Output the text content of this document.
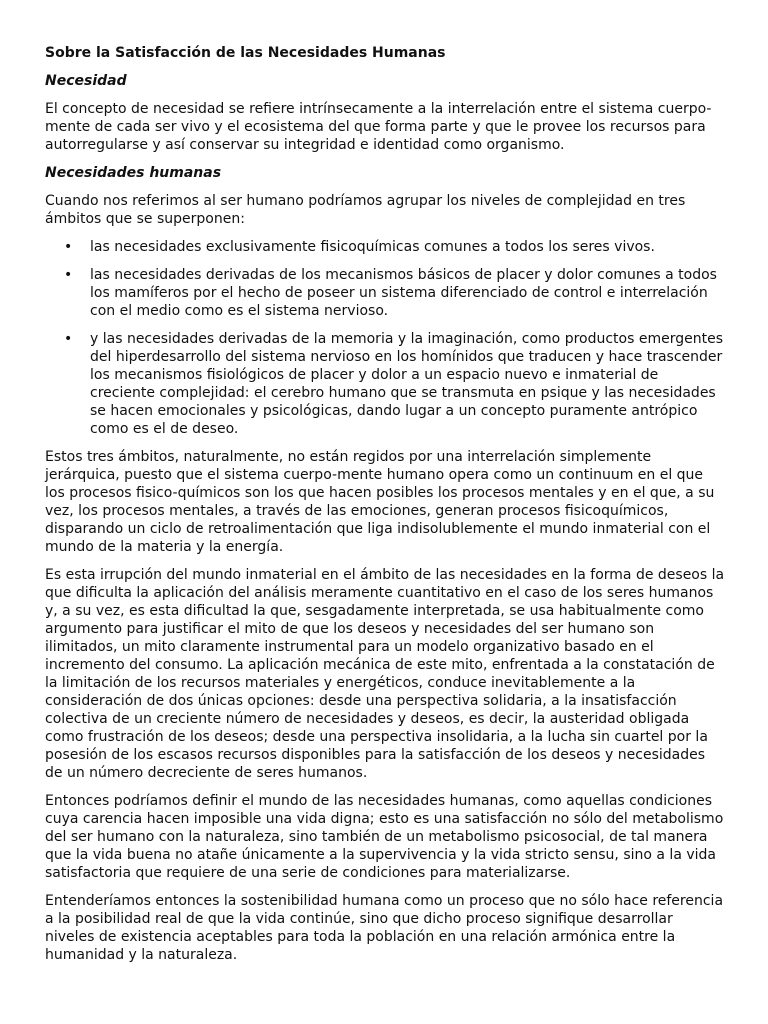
Sobre la Satisfacción de las Necesidades Humanas
Necesidad

El concepto de necesidad se refiere intrínsecamente a la interrelación entre el sistema cuerpo-mente de cada ser vivo y el ecosistema del que forma parte y que le provee los recursos para autorregularse y así conservar su integridad e identidad como organismo.

Necesidades humanas

Cuando nos referimos al ser humano podríamos agrupar los niveles de complejidad en tres ámbitos que se superponen:

• las necesidades exclusivamente fisicoquímicas comunes a todos los seres vivos.
• las necesidades derivadas de los mecanismos básicos de placer y dolor comunes a todos los mamíferos por el hecho de poseer un sistema diferenciado de control e interrelación con el medio como es el sistema nervioso.
• y las necesidades derivadas de la memoria y la imaginación, como productos emergentes del hiperdesarrollo del sistema nervioso en los homínidos que traducen y hace trascender los mecanismos fisiológicos de placer y dolor a un espacio nuevo e inmaterial de creciente complejidad: el cerebro humano que se transmuta en psique y las necesidades se hacen emocionales y psicológicas, dando lugar a un concepto puramente antrópico como es el de deseo.

Estos tres ámbitos, naturalmente, no están regidos por una interrelación simplemente jerárquica, puesto que el sistema cuerpo-mente humano opera como un continuum en el que los procesos fisico-químicos son los que hacen posibles los procesos mentales y en el que, a su vez, los procesos mentales, a través de las emociones, generan procesos fisicoquímicos, disparando un ciclo de retroalimentación que liga indisolublemente el mundo inmaterial con el mundo de la materia y la energía.

Es esta irrupción del mundo inmaterial en el ámbito de las necesidades en la forma de deseos la que dificulta la aplicación del análisis meramente cuantitativo en el caso de los seres humanos y, a su vez, es esta dificultad la que, sesgadamente interpretada, se usa habitualmente como argumento para justificar el mito de que los deseos y necesidades del ser humano son ilimitados, un mito claramente instrumental para un modelo organizativo basado en el incremento del consumo. La aplicación mecánica de este mito, enfrentada a la constatación de la limitación de los recursos materiales y energéticos, conduce inevitablemente a la consideración de dos únicas opciones: desde una perspectiva solidaria, a la insatisfacción colectiva de un creciente número de necesidades y deseos, es decir, la austeridad obligada como frustración de los deseos; desde una perspectiva insolidaria, a la lucha sin cuartel por la posesión de los escasos recursos disponibles para la satisfacción de los deseos y necesidades de un número decreciente de seres humanos.

Entonces podríamos definir el mundo de las necesidades humanas, como aquellas condiciones cuya carencia hacen imposible una vida digna; esto es una satisfacción no sólo del metabolismo del ser humano con la naturaleza, sino también de un metabolismo psicosocial, de tal manera que la vida buena no atañe únicamente a la supervivencia y la vida stricto sensu, sino a la vida satisfactoria que requiere de una serie de condiciones para materializarse.

Entenderíamos entonces la sostenibilidad humana como un proceso que no sólo hace referencia a la posibilidad real de que la vida continúe, sino que dicho proceso signifique desarrollar niveles de existencia aceptables para toda la población en una relación armónica entre la humanidad y la naturaleza.
